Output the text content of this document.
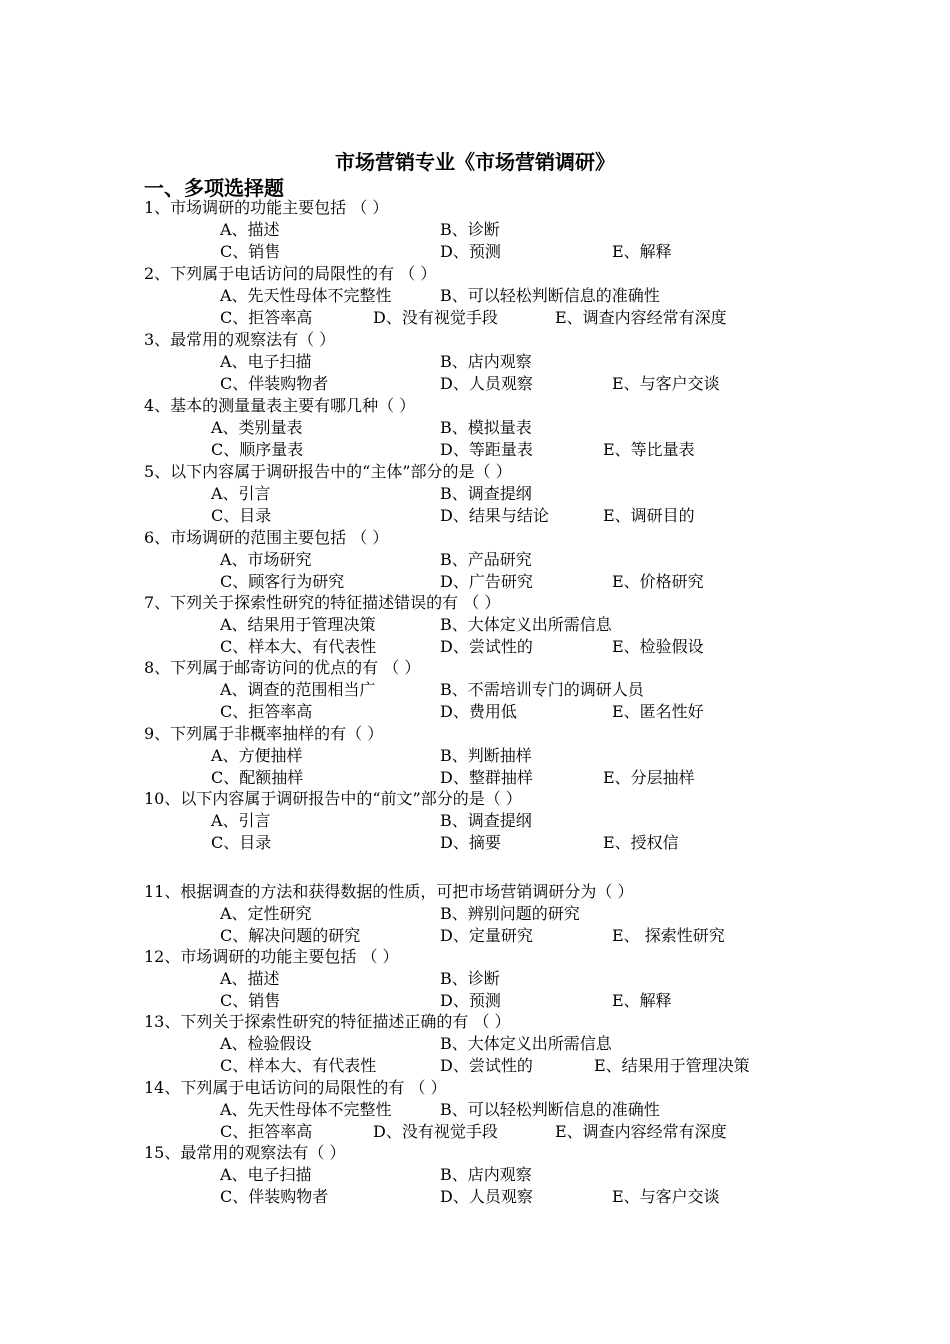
市场营销专业《市场营销调研》
一、多项选择题
1、市场调研的功能主要包括 （ ）
A、描述	B、诊断
C、销售	D、预测	E、解释
2、下列属于电话访问的局限性的有 （ ）
A、先天性母体不完整性	B、可以轻松判断信息的准确性
C、拒答率高	D、没有视觉手段	E、调查内容经常有深度
3、最常用的观察法有（ ）
A、电子扫描	B、店内观察
C、伴装购物者	D、人员观察	E、与客户交谈
4、基本的测量量表主要有哪几种（ ）
A、类别量表	B、模拟量表
C、顺序量表	D、等距量表	E、等比量表
5、以下内容属于调研报告中的“主体”部分的是（ ）
A、引言	B、调查提纲
C、目录	D、结果与结论	E、调研目的
6、市场调研的范围主要包括 （ ）
A、市场研究	B、产品研究
C、顾客行为研究	D、广告研究	E、价格研究
7、下列关于探索性研究的特征描述错误的有 （ ）
A、结果用于管理决策	B、大体定义出所需信息
C、样本大、有代表性	D、尝试性的	E、检验假设
8、下列属于邮寄访问的优点的有 （ ）
A、调查的范围相当广	B、不需培训专门的调研人员
C、拒答率高	D、费用低	E、匿名性好
9、下列属于非概率抽样的有（ ）
A、方便抽样	B、判断抽样
C、配额抽样	D、整群抽样	E、分层抽样
10、以下内容属于调研报告中的“前文”部分的是（ ）
A、引言	B、调查提纲
C、目录	D、摘要	E、授权信
11、根据调查的方法和获得数据的性质，可把市场营销调研分为（ ）
A、定性研究	B、辨别问题的研究
C、解决问题的研究	D、定量研究	E、 探索性研究
12、市场调研的功能主要包括 （ ）
A、描述	B、诊断
C、销售	D、预测	E、解释
13、下列关于探索性研究的特征描述正确的有 （ ）
A、检验假设	B、大体定义出所需信息
C、样本大、有代表性	D、尝试性的	E、结果用于管理决策
14、下列属于电话访问的局限性的有 （ ）
A、先天性母体不完整性	B、可以轻松判断信息的准确性
C、拒答率高	D、没有视觉手段	E、调查内容经常有深度
15、最常用的观察法有（ ）
A、电子扫描	B、店内观察
C、伴装购物者	D、人员观察	E、与客户交谈
